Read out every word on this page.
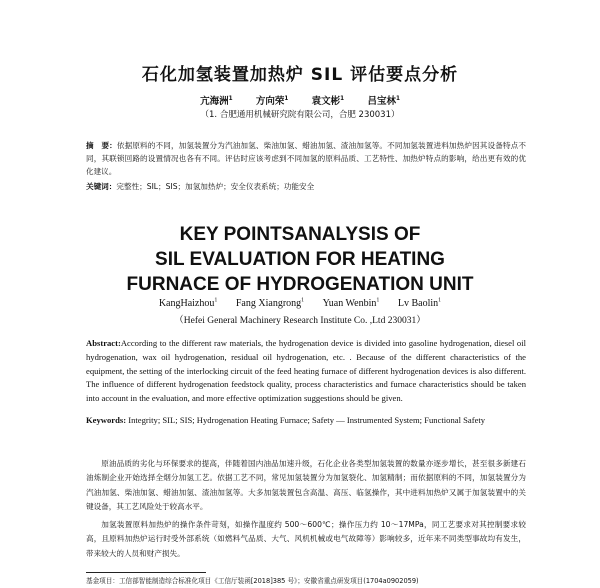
石化加氢装置加热炉 SIL 评估要点分析
亢海洲$^1$ 方向荣$^1$ 袁文彬$^1$ 吕宝林$^1$
（1. 合肥通用机械研究院有限公司，合肥 230031）
摘　要：依据原料的不同，加氢装置分为汽油加氢、柴油加氢、蜡油加氢、渣油加氢等。不同加氢装置进料加热炉因其设备特点不同，其联锁回路的设置情况也各有不同。评估时应该考虑到不同加氢的原料品质、工艺特性、加热炉特点的影响，给出更有效的优化建议。
关键词：完整性；SIL；SIS；加氢加热炉；安全仪表系统；功能安全
KEY POINTSANALYSIS OF
SIL EVALUATION FOR HEATING
FURNACE OF HYDROGENATION UNIT
KangHaizhou$^1$ Fang Xiangrong$^1$ Yuan Wenbin$^1$ Lv Baolin$^1$
（Hefei General Machinery Research Institute Co. ,Ltd 230031）
Abstract:According to the different raw materials, the hydrogenation device is divided into gasoline hydrogenation, diesel oil hydrogenation, wax oil hydrogenation, residual oil hydrogenation, etc. . Because of the different characteristics of the equipment, the setting of the interlocking circuit of the feed heating furnace of different hydrogenation devices is also different. The influence of different hydrogenation feedstock quality, process characteristics and furnace characteristics should be taken into account in the evaluation, and more effective optimization suggestions should be given.
Keywords: Integrity; SIL; SIS; Hydrogenation Heating Furnace; Safety — Instrumented System; Functional Safety

原油品质的劣化与环保要求的提高，伴随着国内油品加速升级，石化企业各类型加氢装置的数量亦逐步增长，甚至很多新建石油炼制企业开始选择全烟分加氢工艺。依据工艺不同，常见加氢装置分为加氢裂化、加氢精制；而依据原料的不同，加氢装置分为汽油加氢、柴油加氢、蜡油加氢、渣油加氢等。大多加氢装置包含高温、高压、临氢操作，其中进料加热炉又属于加氢装置中的关键设备，其工艺风险处于较高水平。

加氢装置原料加热炉的操作条件苛刻，如操作温度约 500～600℃；操作压力约 10～17MPa，同工艺要求对其控制要求较高，且原料加热炉运行时受外部系统（如燃料气品质、大气、风机机械或电气故障等）影响较多，近年来不同类型事故均有发生，带来较大的人员和财产损失。

基金项目：工信部智能制造综合标准化项目《工信厅装函[2018]385 号》；安徽省重点研发项目(1704a0902059)
